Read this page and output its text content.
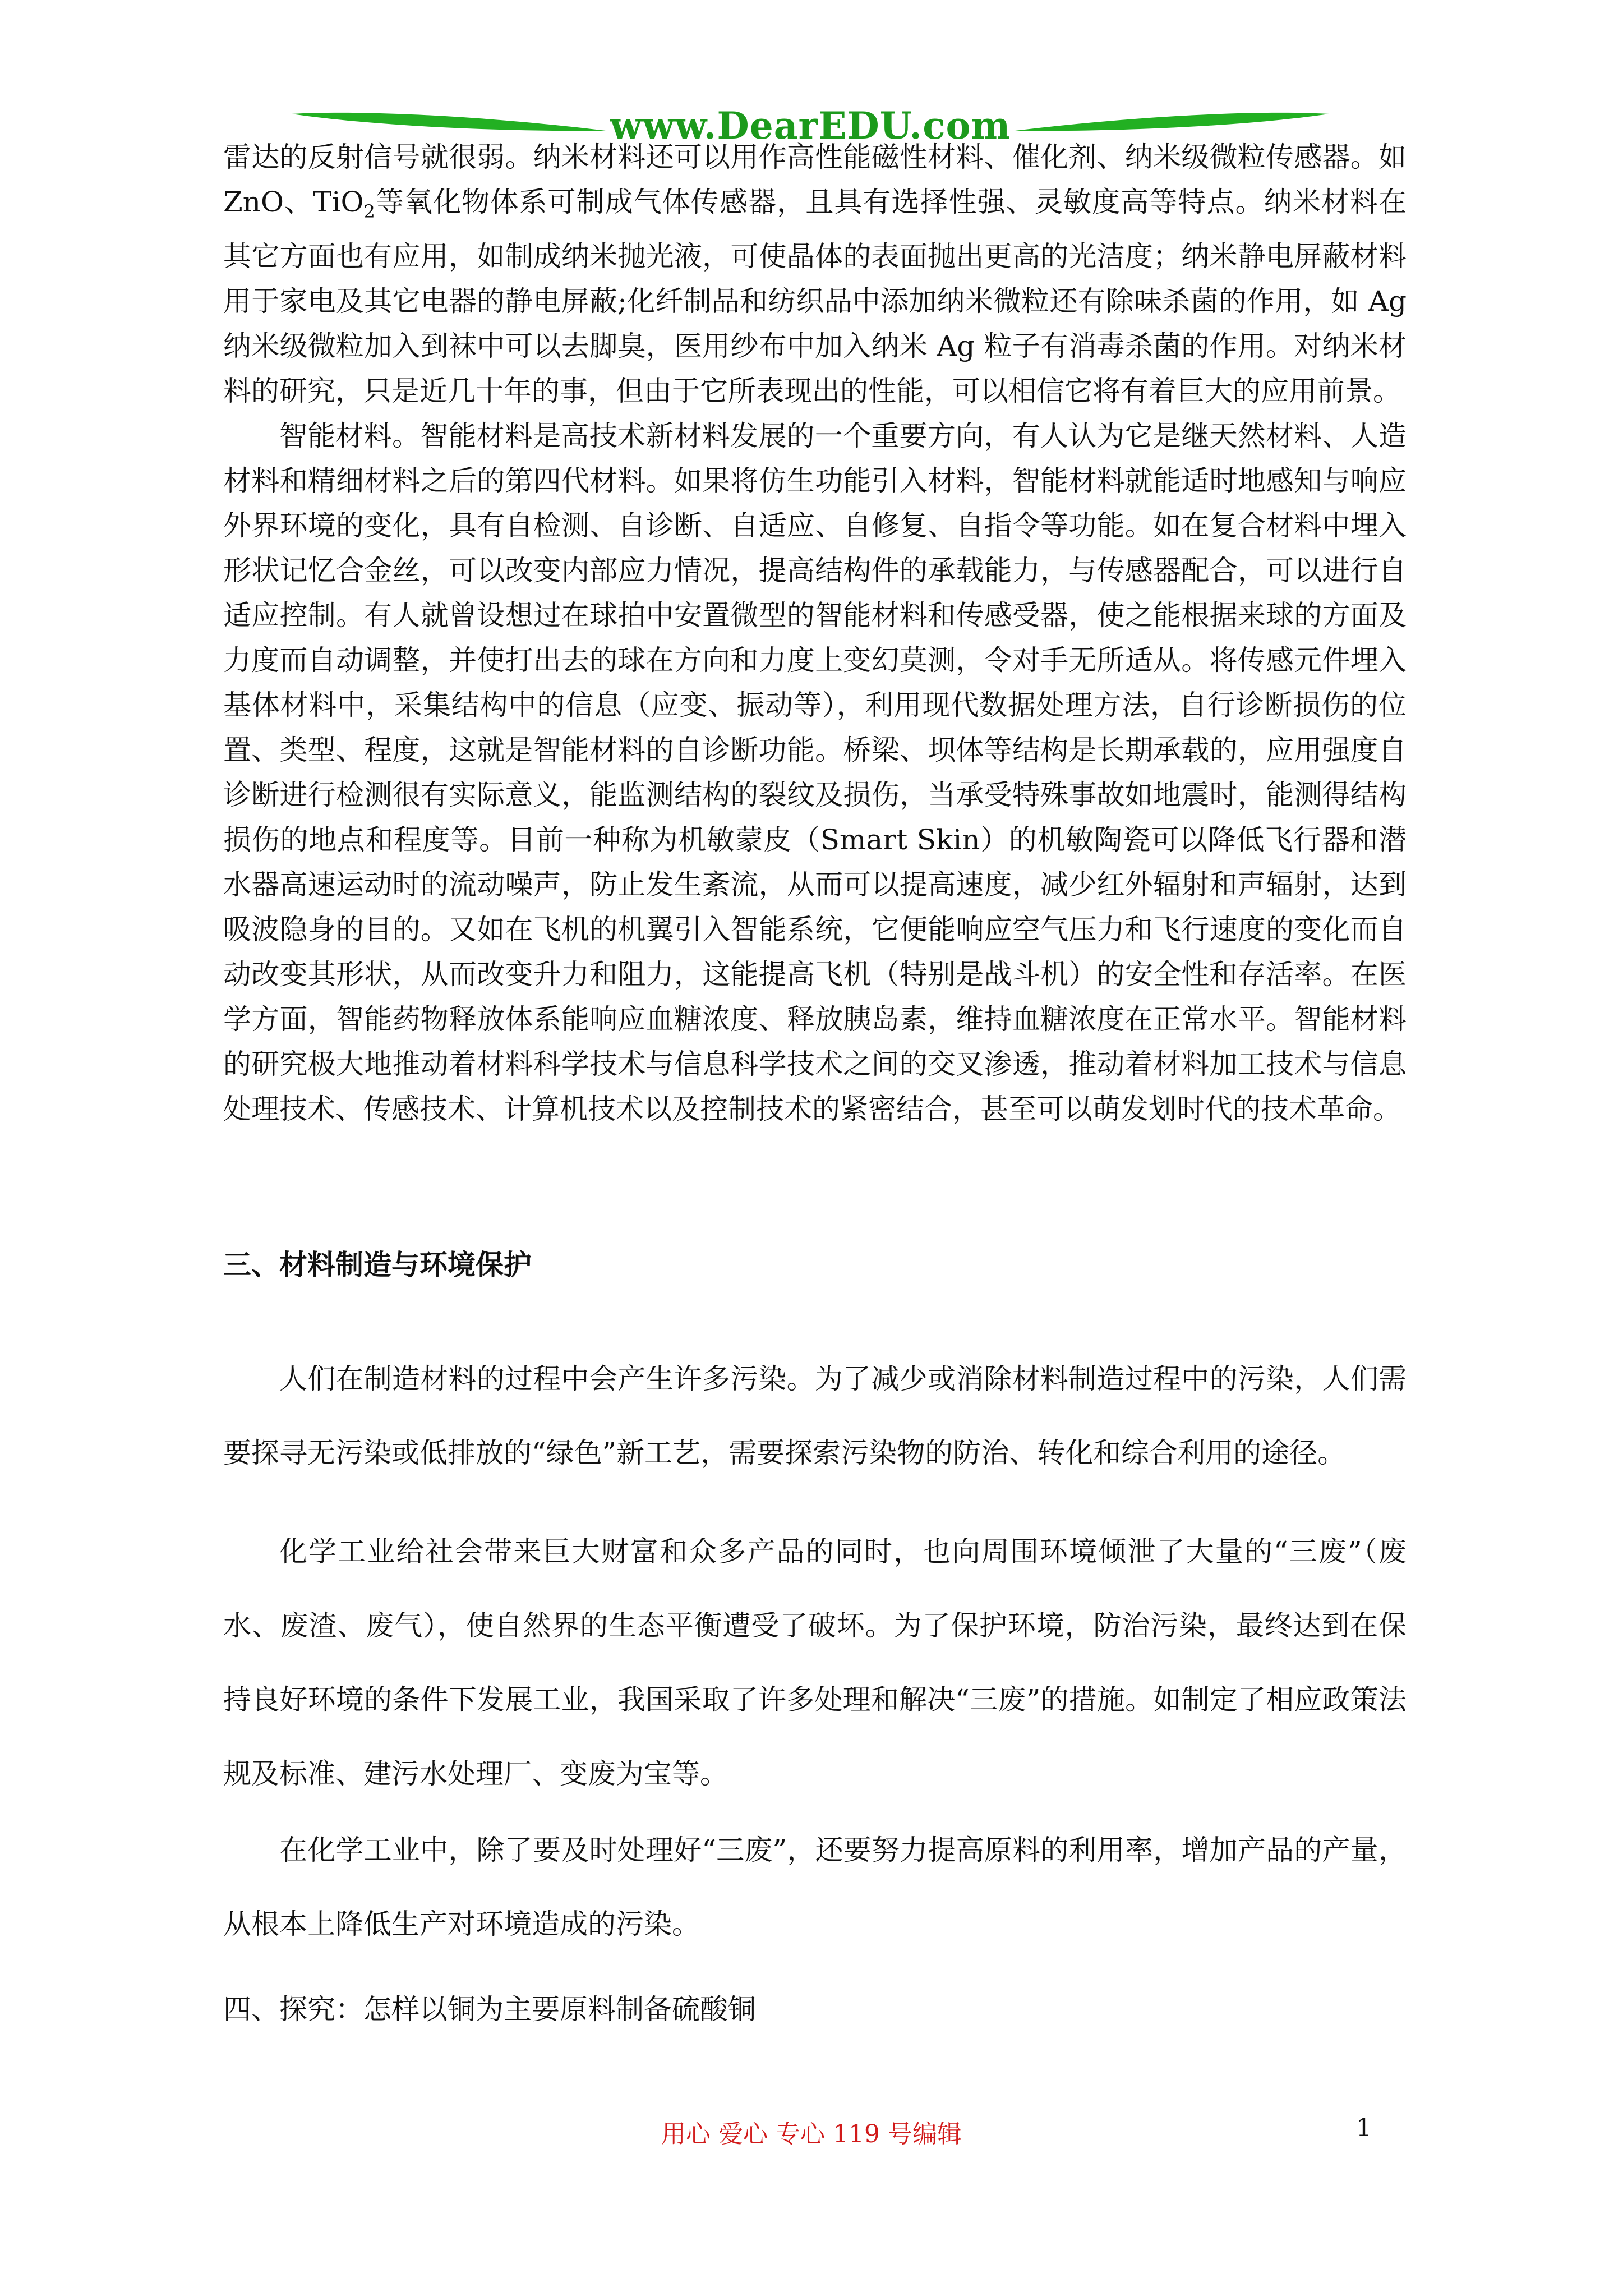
www.DearEDU.com

雷达的反射信号就很弱。纳米材料还可以用作高性能磁性材料、催化剂、纳米级微粒传感器。如 ZnO、TiO$_2$等氧化物体系可制成气体传感器，且具有选择性强、灵敏度高等特点。纳米材料在其它方面也有应用，如制成纳米抛光液，可使晶体的表面抛出更高的光洁度；纳米静电屏蔽材料用于家电及其它电器的静电屏蔽;化纤制品和纺织品中添加纳米微粒还有除味杀菌的作用，如 Ag 纳米级微粒加入到袜中可以去脚臭，医用纱布中加入纳米 Ag 粒子有消毒杀菌的作用。对纳米材料的研究，只是近几十年的事，但由于它所表现出的性能，可以相信它将有着巨大的应用前景。

智能材料。智能材料是高技术新材料发展的一个重要方向，有人认为它是继天然材料、人造材料和精细材料之后的第四代材料。如果将仿生功能引入材料，智能材料就能适时地感知与响应外界环境的变化，具有自检测、自诊断、自适应、自修复、自指令等功能。如在复合材料中埋入形状记忆合金丝，可以改变内部应力情况，提高结构件的承载能力，与传感器配合，可以进行自适应控制。有人就曾设想过在球拍中安置微型的智能材料和传感受器，使之能根据来球的方面及力度而自动调整，并使打出去的球在方向和力度上变幻莫测，令对手无所适从。将传感元件埋入基体材料中，采集结构中的信息（应变、振动等），利用现代数据处理方法，自行诊断损伤的位置、类型、程度，这就是智能材料的自诊断功能。桥梁、坝体等结构是长期承载的，应用强度自诊断进行检测很有实际意义，能监测结构的裂纹及损伤，当承受特殊事故如地震时，能测得结构损伤的地点和程度等。目前一种称为机敏蒙皮（Smart Skin）的机敏陶瓷可以降低飞行器和潜水器高速运动时的流动噪声，防止发生紊流，从而可以提高速度，减少红外辐射和声辐射，达到吸波隐身的目的。又如在飞机的机翼引入智能系统，它便能响应空气压力和飞行速度的变化而自动改变其形状，从而改变升力和阻力，这能提高飞机（特别是战斗机）的安全性和存活率。在医学方面，智能药物释放体系能响应血糖浓度、释放胰岛素，维持血糖浓度在正常水平。智能材料的研究极大地推动着材料科学技术与信息科学技术之间的交叉渗透，推动着材料加工技术与信息处理技术、传感技术、计算机技术以及控制技术的紧密结合，甚至可以萌发划时代的技术革命。

三、材料制造与环境保护

人们在制造材料的过程中会产生许多污染。为了减少或消除材料制造过程中的污染，人们需要探寻无污染或低排放的“绿色”新工艺，需要探索污染物的防治、转化和综合利用的途径。

化学工业给社会带来巨大财富和众多产品的同时，也向周围环境倾泄了大量的“三废”（废水、废渣、废气），使自然界的生态平衡遭受了破坏。为了保护环境，防治污染，最终达到在保持良好环境的条件下发展工业，我国采取了许多处理和解决“三废”的措施。如制定了相应政策法规及标准、建污水处理厂、变废为宝等。

在化学工业中，除了要及时处理好“三废”，还要努力提高原料的利用率，增加产品的产量，从根本上降低生产对环境造成的污染。

四、探究：怎样以铜为主要原料制备硫酸铜
用心 爱心 专心 119 号编辑	1
